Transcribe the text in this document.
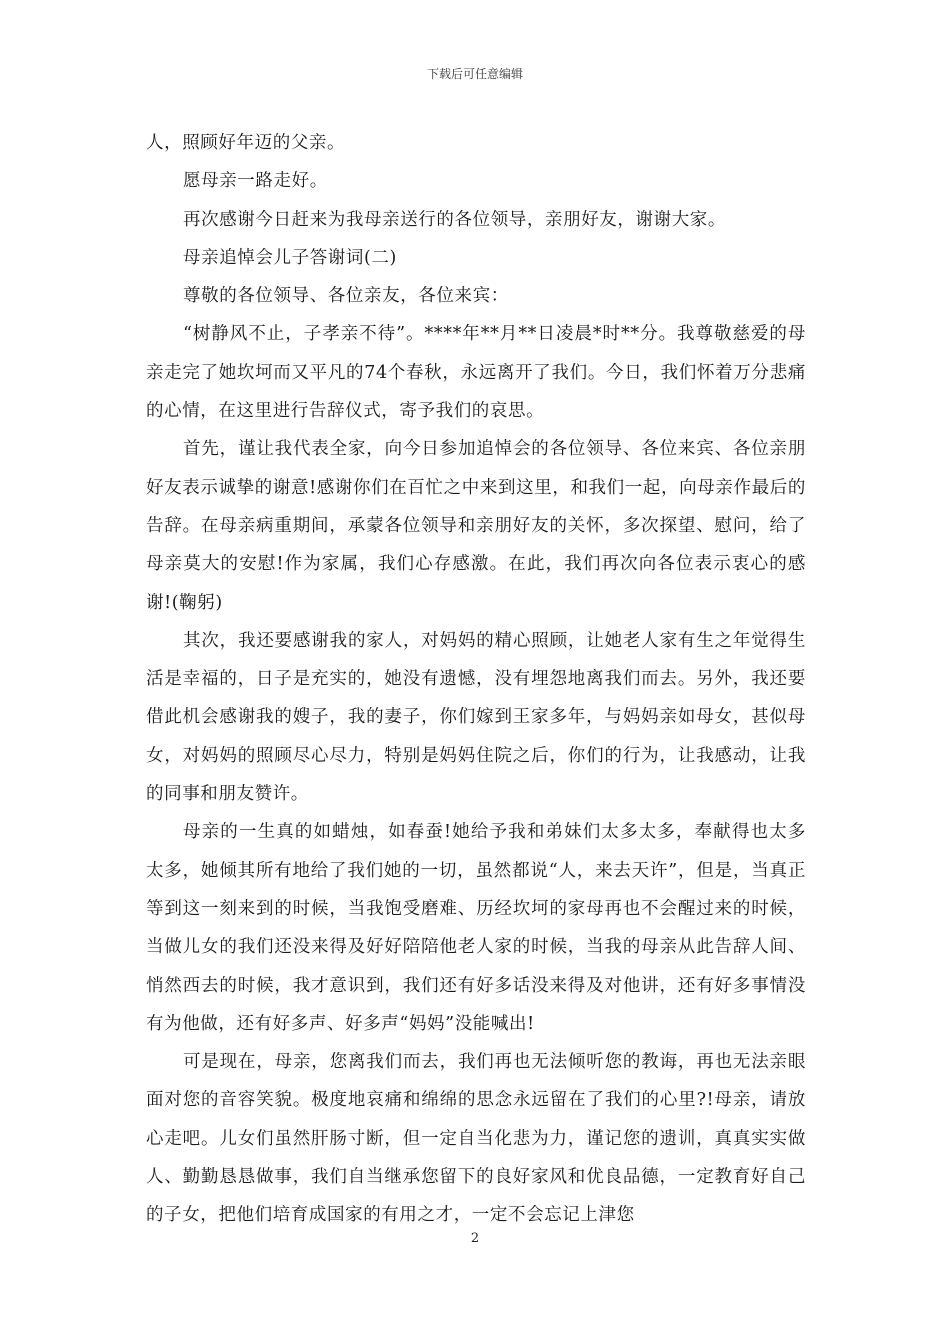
下载后可任意编辑

人，照顾好年迈的父亲。

愿母亲一路走好。

再次感谢今日赶来为我母亲送行的各位领导，亲朋好友，谢谢大家。

母亲追悼会儿子答谢词(二)

尊敬的各位领导、各位亲友，各位来宾：

“树静风不止，子孝亲不待”。****年**月**日凌晨*时**分。我尊敬慈爱的母亲走完了她坎坷而又平凡的74个春秋，永远离开了我们。今日，我们怀着万分悲痛的心情，在这里进行告辞仪式，寄予我们的哀思。

首先，谨让我代表全家，向今日参加追悼会的各位领导、各位来宾、各位亲朋好友表示诚挚的谢意!感谢你们在百忙之中来到这里，和我们一起，向母亲作最后的告辞。在母亲病重期间，承蒙各位领导和亲朋好友的关怀，多次探望、慰问，给了母亲莫大的安慰!作为家属，我们心存感激。在此，我们再次向各位表示衷心的感谢!(鞠躬)

其次，我还要感谢我的家人，对妈妈的精心照顾，让她老人家有生之年觉得生活是幸福的，日子是充实的，她没有遗憾，没有埋怨地离我们而去。另外，我还要借此机会感谢我的嫂子，我的妻子，你们嫁到王家多年，与妈妈亲如母女，甚似母女，对妈妈的照顾尽心尽力，特别是妈妈住院之后，你们的行为，让我感动，让我的同事和朋友赞许。

母亲的一生真的如蜡烛，如春蚕!她给予我和弟妹们太多太多，奉献得也太多太多，她倾其所有地给了我们她的一切，虽然都说“人，来去天许”，但是，当真正等到这一刻来到的时候，当我饱受磨难、历经坎坷的家母再也不会醒过来的时候，当做儿女的我们还没来得及好好陪陪他老人家的时候，当我的母亲从此告辞人间、悄然西去的时候，我才意识到，我们还有好多话没来得及对他讲，还有好多事情没有为他做，还有好多声、好多声“妈妈”没能喊出!

可是现在，母亲，您离我们而去，我们再也无法倾听您的教诲，再也无法亲眼面对您的音容笑貌。极度地哀痛和绵绵的思念永远留在了我们的心里?!母亲，请放心走吧。儿女们虽然肝肠寸断，但一定自当化悲为力，谨记您的遗训，真真实实做人、勤勤恳恳做事，我们自当继承您留下的良好家风和优良品德，一定教育好自己的子女，把他们培育成国家的有用之才，一定不会忘记上津您

2
